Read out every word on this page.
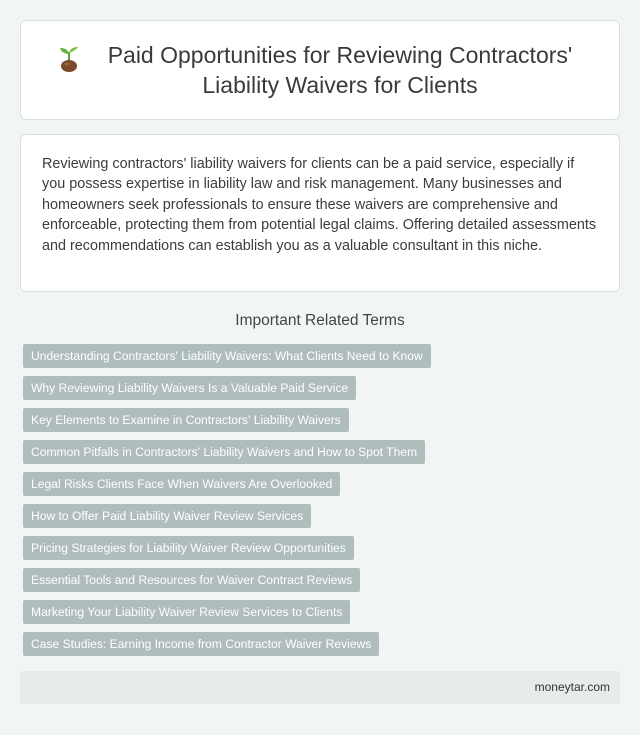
Paid Opportunities for Reviewing Contractors' Liability Waivers for Clients

Reviewing contractors' liability waivers for clients can be a paid service, especially if you possess expertise in liability law and risk management. Many businesses and homeowners seek professionals to ensure these waivers are comprehensive and enforceable, protecting them from potential legal claims. Offering detailed assessments and recommendations can establish you as a valuable consultant in this niche.

Important Related Terms
Understanding Contractors' Liability Waivers: What Clients Need to Know
Why Reviewing Liability Waivers Is a Valuable Paid Service
Key Elements to Examine in Contractors' Liability Waivers
Common Pitfalls in Contractors' Liability Waivers and How to Spot Them
Legal Risks Clients Face When Waivers Are Overlooked
How to Offer Paid Liability Waiver Review Services
Pricing Strategies for Liability Waiver Review Opportunities
Essential Tools and Resources for Waiver Contract Reviews
Marketing Your Liability Waiver Review Services to Clients
Case Studies: Earning Income from Contractor Waiver Reviews
moneytar.com
